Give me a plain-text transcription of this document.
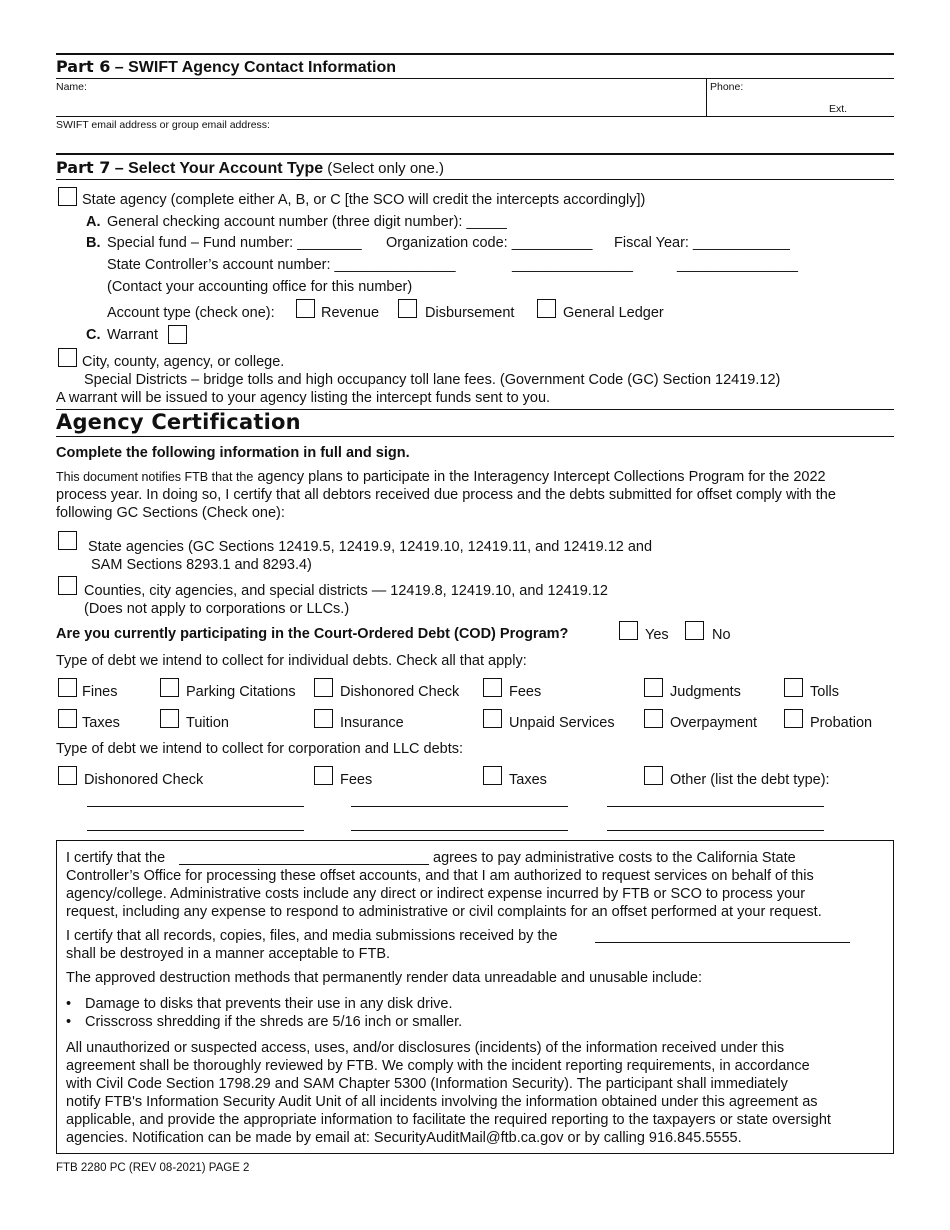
Part 6 – SWIFT Agency Contact Information
Name:	Phone:
Ext.
SWIFT email address or group email address:
Part 7 – Select Your Account Type (Select only one.)
State agency (complete either A, B, or C [the SCO will credit the intercepts accordingly])
A. General checking account number (three digit number): _____
B. Special fund – Fund number: ________ Organization code: __________ Fiscal Year: ____________
State Controller’s account number: _______________	_______________	_______________
(Contact your accounting office for this number)
Account type (check one):	Revenue	Disbursement	General Ledger
C. Warrant
City, county, agency, or college.
Special Districts – bridge tolls and high occupancy toll lane fees. (Government Code (GC) Section 12419.12)
A warrant will be issued to your agency listing the intercept funds sent to you.
Agency Certification
Complete the following information in full and sign.
This document notifies FTB that the agency plans to participate in the Interagency Intercept Collections Program for the 2022
process year. In doing so, I certify that all debtors received due process and the debts submitted for offset comply with the
following GC Sections (Check one):
State agencies (GC Sections 12419.5, 12419.9, 12419.10, 12419.11, and 12419.12 and
SAM Sections 8293.1 and 8293.4)
Counties, city agencies, and special districts — 12419.8, 12419.10, and 12419.12
(Does not apply to corporations or LLCs.)
Are you currently participating in the Court-Ordered Debt (COD) Program?	Yes	No
Type of debt we intend to collect for individual debts. Check all that apply:
Fines	Parking Citations	Dishonored Check	Fees	Judgments	Tolls
Taxes	Tuition	Insurance	Unpaid Services	Overpayment	Probation
Type of debt we intend to collect for corporation and LLC debts:
Dishonored Check	Fees	Taxes	Other (list the debt type):
I certify that the	agrees to pay administrative costs to the California State
Controller’s Office for processing these offset accounts, and that I am authorized to request services on behalf of this
agency/college. Administrative costs include any direct or indirect expense incurred by FTB or SCO to process your
request, including any expense to respond to administrative or civil complaints for an offset performed at your request.
I certify that all records, copies, files, and media submissions received by the
shall be destroyed in a manner acceptable to FTB.
The approved destruction methods that permanently render data unreadable and unusable include:
• Damage to disks that prevents their use in any disk drive.
• Crisscross shredding if the shreds are 5/16 inch or smaller.
All unauthorized or suspected access, uses, and/or disclosures (incidents) of the information received under this
agreement shall be thoroughly reviewed by FTB. We comply with the incident reporting requirements, in accordance
with Civil Code Section 1798.29 and SAM Chapter 5300 (Information Security). The participant shall immediately
notify FTB's Information Security Audit Unit of all incidents involving the information obtained under this agreement as
applicable, and provide the appropriate information to facilitate the required reporting to the taxpayers or state oversight
agencies. Notification can be made by email at: SecurityAuditMail@ftb.ca.gov or by calling 916.845.5555.
FTB 2280 PC (REV 08-2021) PAGE 2
